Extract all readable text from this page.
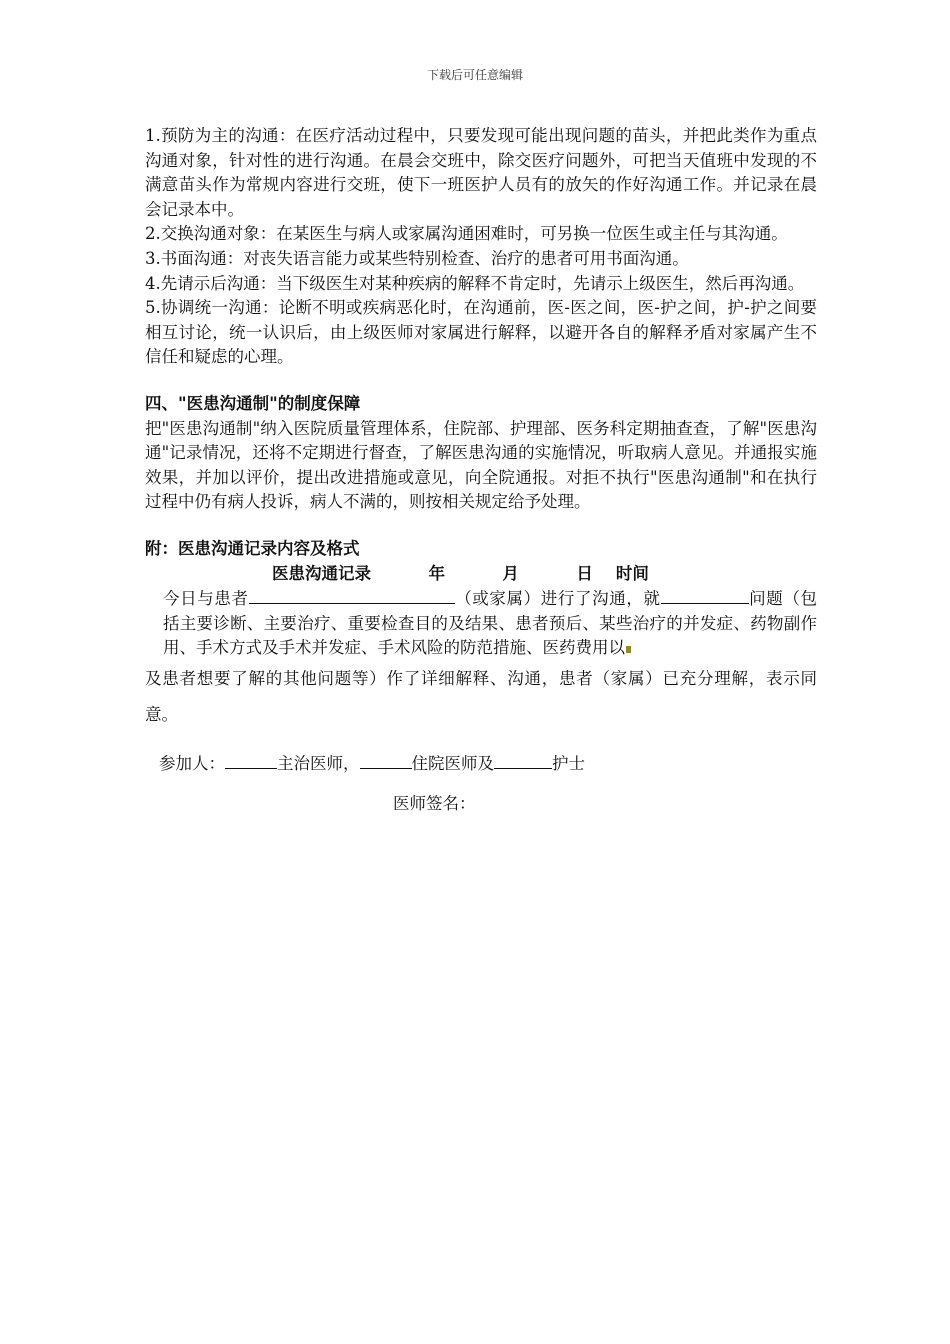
下载后可任意编辑

1.预防为主的沟通：在医疗活动过程中，只要发现可能出现问题的苗头，并把此类作为重点沟通对象，针对性的进行沟通。在晨会交班中，除交医疗问题外，可把当天值班中发现的不满意苗头作为常规内容进行交班，使下一班医护人员有的放矢的作好沟通工作。并记录在晨会记录本中。

2.交换沟通对象：在某医生与病人或家属沟通困难时，可另换一位医生或主任与其沟通。

3.书面沟通：对丧失语言能力或某些特别检查、治疗的患者可用书面沟通。

4.先请示后沟通：当下级医生对某种疾病的解释不肯定时，先请示上级医生，然后再沟通。

5.协调统一沟通：论断不明或疾病恶化时，在沟通前，医-医之间，医-护之间，护-护之间要相互讨论，统一认识后，由上级医师对家属进行解释，以避开各自的解释矛盾对家属产生不信任和疑虑的心理。

四、"医患沟通制"的制度保障

把"医患沟通制"纳入医院质量管理体系，住院部、护理部、医务科定期抽查查，了解"医患沟通"记录情况，还将不定期进行督查，了解医患沟通的实施情况，听取病人意见。并通报实施效果，并加以评价，提出改进措施或意见，向全院通报。对拒不执行"医患沟通制"和在执行过程中仍有病人投诉，病人不满的，则按相关规定给予处理。

附：医患沟通记录内容及格式

医患沟通记录	年	月	日 时间

今日与患者	（或家属）进行了沟通，就	问题（包括主要诊断、主要治疗、重要检查目的及结果、患者预后、某些治疗的并发症、药物副作用、手术方式及手术并发症、手术风险的防范措施、医药费用以

及患者想要了解的其他问题等）作了详细解释、沟通，患者（家属）已充分理解，表示同意。

参加人：	主治医师，	住院医师及	护士

医师签名：
